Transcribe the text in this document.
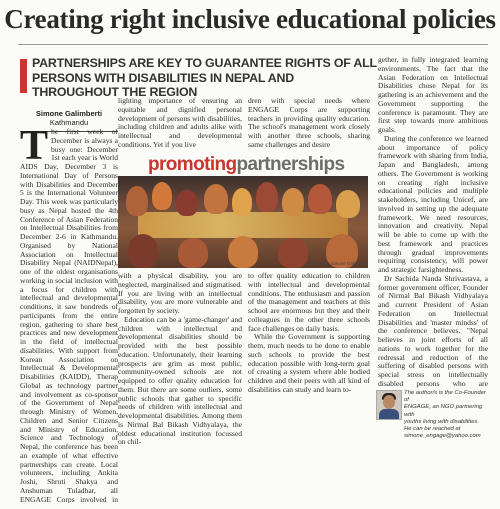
Creating right inclusive educational policies
PARTNERSHIPS ARE KEY TO GUARANTEE RIGHTS OF ALL PERSONS WITH DISABILITIES IN NEPAL AND THROUGHOUT THE REGION
Simone Galimberti
Kathmandu

The first week of December is always a busy one: December 1st each year is World AIDS Day, December 3 is International Day of Persons with Disabilities and December 5 is the International Volunteer Day. This week was particularly busy as Nepal hosted the 4th Conference of Asian Federation on Intellectual Disabilities from December 2-6 in Kathmandu. Organised by National Association on Intellectual Disability Nepal (NAIDNepal), one of the oldest organisations working in social inclusion with a focus for children with intellectual and developmental conditions, it saw hundreds of participants from the entire region, gathering to share best practices and new development in the field of intellectual disabilities. With support from Korean Association on Intellectual & Developmental Disabilities (KAIDD), Therap Global as technology partner and involvement as co-sponsor of the Government of Nepal through Ministry of Women, Children and Senior Citizens and Ministry of Education, Science and Technology of Nepal, the conference has been an example of what effective partnerships can create. Local volunteers, including Ankita Joshi, Shruti Shakya and Anshuman Tuladhar, all ENGAGE Corps involved in

lighting importance of ensuring an equitable and dignified personal development of persons with disabilities, including children and adults alike with intellectual and developmental conditions. Yet if you live

dren with special needs where ENGAGE Corps are supporting teachers in providing quality education. The school's management work closely with another three schools, sharing same challenges and desire

promotingpartnerships
Courtesy: Simone Galimberti

with a physical disability, you are neglected, marginalised and stigmatised. If you are living with an intellectual disability, you are more vulnerable and forgotten by society.

Education can be a 'game-changer' and children with intellectual and developmental disabilities should be provided with the best possible education. Unfortunately, their learning prospects are grim as most public, community-owned schools are not equipped to offer quality education for them. But there are some outliers, some public schools that gather to specific needs of children with intellectual and developmental disabilities. Among them is Nirmal Bal Bikash Vidhyalaya, the oldest educational institution focussed on chil-

to offer quality education to children with intellectual and developmental conditions. The enthusiasm and passion of the management and teachers at this school are enormous but they and their colleagues in the other three schools face challenges on daily basis.

While the Government is supporting them, much needs to be done to enable such schools to provide the best education possible with long-term goal of creating a system where able bodied children and their peers with all kind of disabilities can study and learn to-

gether, in fully integrated learning environments. The fact that the Asian Federation on Intellectual Disabilities chose Nepal for its gathering is an achievement and the Government supporting the conference is paramount. They are first step towards more ambitious goals.

During the conference we learned about importance of policy framework with sharing from India, Japan and Bangladesh, among others. The Government is working on creating right inclusive educational policies and multiple stakeholders, including Unicef, are involved in setting up the adequate framework. We need resources, innovation and creativity. Nepal will be able to come up with the best framework and practices through gradual improvements requiring consistency, will power and strategic farsightedness.

Dr Sachida Nanda Shrivastava, a former government officer, Founder of Nirmal Bal Bikash Vidhyalaya and current President of Asian Federation on Intellectual Disabilities and 'master mindss' of the conference believes, "Nepal believes in joint efforts of all nations to work together for the redressal and reduction of the suffering of disabled persons with special stress on intellectually disabled persons who are

The author/s is the Co-Founder of
ENGAGE, an NGO partnering with
youths living with disabilities.
He can be reached at
simone_engage@yahoo.com
